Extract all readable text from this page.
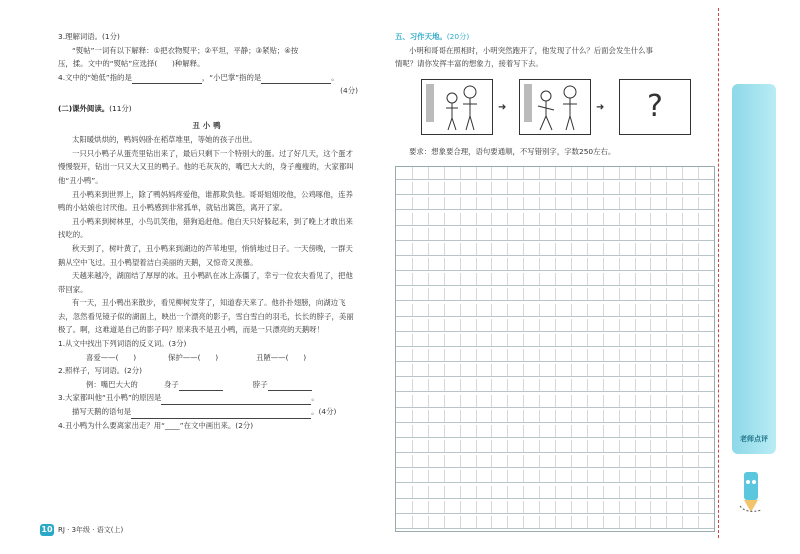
3.理解词语。(1分)

“熨帖”一词有以下解释：①把衣物熨平；②平坦，平静；③紧贴；④按

压，揉。文中的“熨帖”应选择(　　)种解释。

4.文中的“她低”指的是	，“小巴掌”指的是	。

(4分)

(二)课外阅读。(11分)

丑小鸭

太阳暖烘烘的，鸭妈妈卧在稻草堆里，等她的孩子出世。

一只只小鸭子从蛋壳里钻出来了，最后只剩下一个特别大的蛋。过了好几天，这个蛋才慢慢裂开，钻出一只又大又丑的鸭子。他的毛灰灰的，嘴巴大大的，身子瘦瘦的，大家都叫他“丑小鸭”。

丑小鸭来到世界上，除了鸭妈妈疼爱他，谁都欺负他。哥哥姐姐咬他，公鸡啄他，连养鸭的小姑娘也讨厌他。丑小鸭感到非常孤单，就钻出篱笆，离开了家。

丑小鸭来到树林里，小鸟讥笑他，猎狗追赶他。他白天只好躲起来，到了晚上才敢出来找吃的。

秋天到了，树叶黄了，丑小鸭来到湖边的芦苇地里，悄悄地过日子。一天傍晚，一群天鹅从空中飞过。丑小鸭望着洁白美丽的天鹅，又惊奇又羡慕。

天越来越冷，湖面结了厚厚的冰。丑小鸭趴在冰上冻僵了，幸亏一位农夫看见了，把他带回家。

有一天，丑小鸭出来散步，看见柳树发芽了，知道春天来了。他扑扑翅膀，向湖边飞去，忽然看见镜子似的湖面上，映出一个漂亮的影子，雪白雪白的羽毛，长长的脖子，美丽极了。啊，这难道是自己的影子吗？原来我不是丑小鸭，而是一只漂亮的天鹅呀！

1.从文中找出下列词语的反义词。(3分)

喜爱——(　　)	保护——(　　)	丑陋——(　　)

2.照样子，写词语。(2分)

例：嘴巴大大的	身子	脖子

3.大家都叫他“丑小鸭”的原因是	。

描写天鹅的语句是	。(4分)

4.丑小鸭为什么要离家出走？用“____”在文中画出来。(2分)

五、习作天地。(20分)

小明和哥哥在照相时，小明突然跑开了，他发现了什么？后面会发生什么事

情呢？请你发挥丰富的想象力，接着写下去。

➜	➜	?

要求：想象要合理，语句要通顺，不写错别字，字数250左右。

老师点评
10 RJ · 3年级 · 语文(上)
